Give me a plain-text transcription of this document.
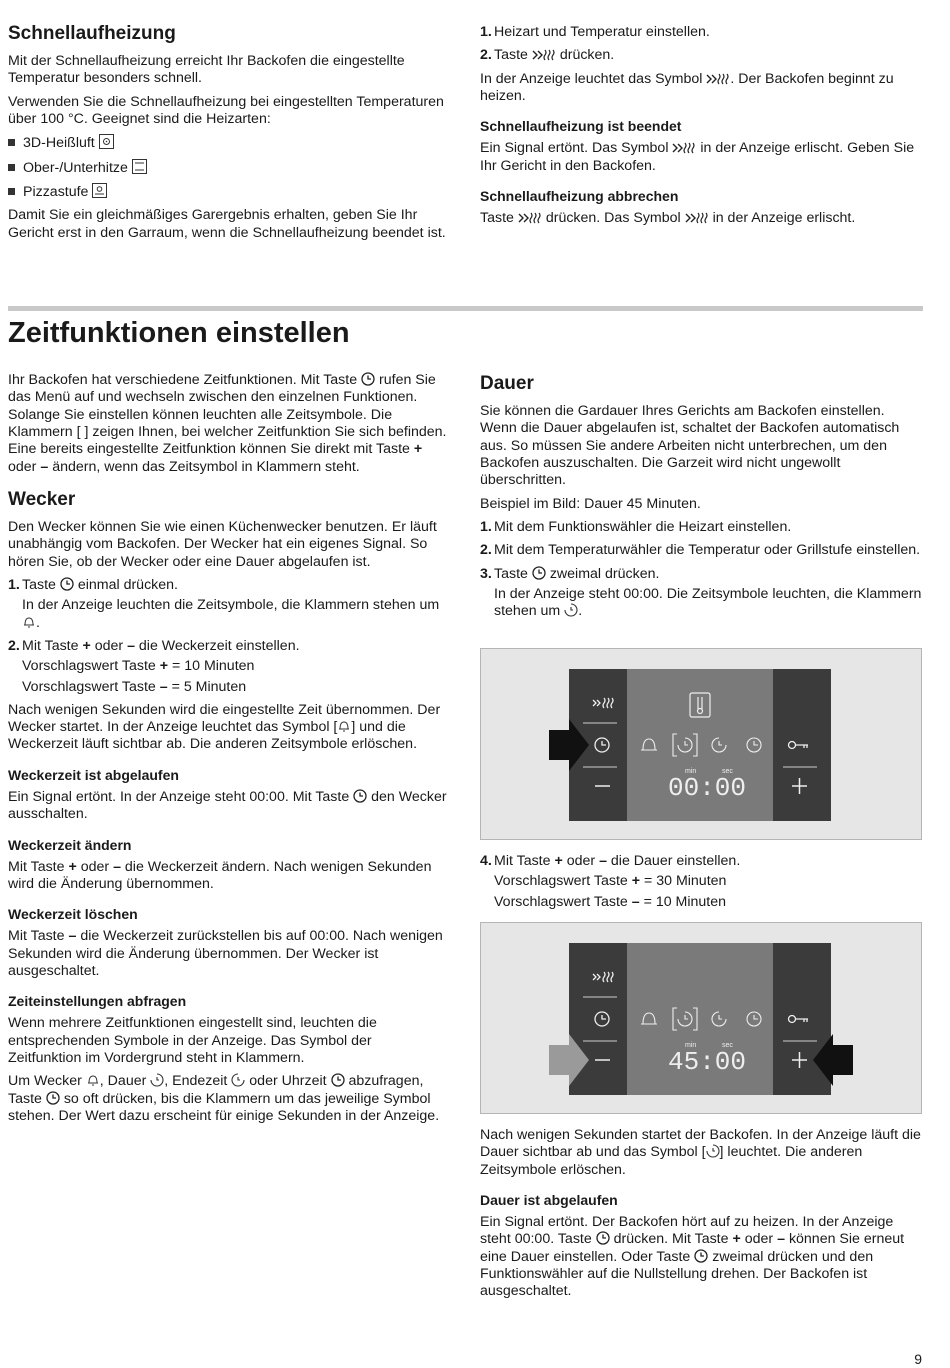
Schnellaufheizung

Mit der Schnellaufheizung erreicht Ihr Backofen die eingestellte Temperatur besonders schnell.

Verwenden Sie die Schnellaufheizung bei eingestellten Temperaturen über 100 °C. Geeignet sind die Heizarten:

3D-Heißluft
Ober-/Unterhitze
Pizzastufe

Damit Sie ein gleichmäßiges Garergebnis erhalten, geben Sie Ihr Gericht erst in den Garraum, wenn die Schnellaufheizung beendet ist.

1. Heizart und Temperatur einstellen.
2. Taste drücken.

In der Anzeige leuchtet das Symbol . Der Backofen beginnt zu heizen.

Schnellaufheizung ist beendet

Ein Signal ertönt. Das Symbol in der Anzeige erlischt. Geben Sie Ihr Gericht in den Backofen.

Schnellaufheizung abbrechen

Taste drücken. Das Symbol in der Anzeige erlischt.

Zeitfunktionen einstellen

Ihr Backofen hat verschiedene Zeitfunktionen. Mit Taste rufen Sie das Menü auf und wechseln zwischen den einzelnen Funktionen. Solange Sie einstellen können leuchten alle Zeitsymbole. Die Klammern [ ] zeigen Ihnen, bei welcher Zeitfunktion Sie sich befinden. Eine bereits eingestellte Zeitfunktion können Sie direkt mit Taste + oder – ändern, wenn das Zeitsymbol in Klammern steht.

Wecker

Den Wecker können Sie wie einen Küchenwecker benutzen. Er läuft unabhängig vom Backofen. Der Wecker hat ein eigenes Signal. So hören Sie, ob der Wecker oder eine Dauer abgelaufen ist.

1. Taste einmal drücken.
In der Anzeige leuchten die Zeitsymbole, die Klammern stehen um .
2. Mit Taste + oder – die Weckerzeit einstellen.
Vorschlagswert Taste + = 10 Minuten
Vorschlagswert Taste – = 5 Minuten

Nach wenigen Sekunden wird die eingestellte Zeit übernommen. Der Wecker startet. In der Anzeige leuchtet das Symbol [ ] und die Weckerzeit läuft sichtbar ab. Die anderen Zeitsymbole erlöschen.

Weckerzeit ist abgelaufen

Ein Signal ertönt. In der Anzeige steht 00:00. Mit Taste den Wecker ausschalten.

Weckerzeit ändern

Mit Taste + oder – die Weckerzeit ändern. Nach wenigen Sekunden wird die Änderung übernommen.

Weckerzeit löschen

Mit Taste – die Weckerzeit zurückstellen bis auf 00:00. Nach wenigen Sekunden wird die Änderung übernommen. Der Wecker ist ausgeschaltet.

Zeiteinstellungen abfragen

Wenn mehrere Zeitfunktionen eingestellt sind, leuchten die entsprechenden Symbole in der Anzeige. Das Symbol der Zeitfunktion im Vordergrund steht in Klammern.

Um Wecker , Dauer , Endezeit oder Uhrzeit abzufragen, Taste so oft drücken, bis die Klammern um das jeweilige Symbol stehen. Der Wert dazu erscheint für einige Sekunden in der Anzeige.

Dauer

Sie können die Gardauer Ihres Gerichts am Backofen einstellen. Wenn die Dauer abgelaufen ist, schaltet der Backofen automatisch aus. So müssen Sie andere Arbeiten nicht unterbrechen, um den Backofen auszuschalten. Die Garzeit wird nicht ungewollt überschritten.

Beispiel im Bild: Dauer 45 Minuten.

1. Mit dem Funktionswähler die Heizart einstellen.
2. Mit dem Temperaturwähler die Temperatur oder Grillstufe einstellen.
3. Taste zweimal drücken.
In der Anzeige steht 00:00. Die Zeitsymbole leuchten, die Klammern stehen um .
min	sec
00:00
4. Mit Taste + oder – die Dauer einstellen.
Vorschlagswert Taste + = 30 Minuten
Vorschlagswert Taste – = 10 Minuten
min	sec
45:00

Nach wenigen Sekunden startet der Backofen. In der Anzeige läuft die Dauer sichtbar ab und das Symbol [ ] leuchtet. Die anderen Zeitsymbole erlöschen.

Dauer ist abgelaufen

Ein Signal ertönt. Der Backofen hört auf zu heizen. In der Anzeige steht 00:00. Taste drücken. Mit Taste + oder – können Sie erneut eine Dauer einstellen. Oder Taste zweimal drücken und den Funktionswähler auf die Nullstellung drehen. Der Backofen ist ausgeschaltet.

9
